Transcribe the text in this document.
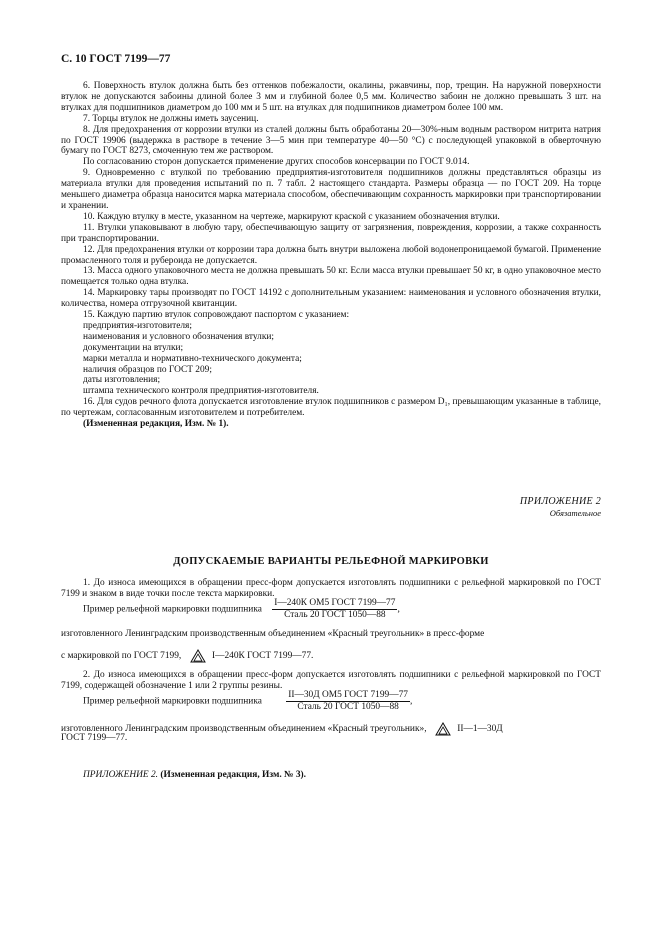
С. 10 ГОСТ 7199—77

6. Поверхность втулок должна быть без оттенков побежалости, окалины, ржавчины, пор, трещин. На наружной поверхности втулок не допускаются забоины длиной более 3 мм и глубиной более 0,5 мм. Количество забоин не должно превышать 3 шт. на втулках для подшипников диаметром до 100 мм и 5 шт. на втулках для подшипников диаметром более 100 мм.

7. Торцы втулок не должны иметь заусениц.

8. Для предохранения от коррозии втулки из сталей должны быть обработаны 20—30%-ным водным раствором нитрита натрия по ГОСТ 19906 (выдержка в растворе в течение 3—5 мин при температуре 40—50 °С) с последующей упаковкой в обверточную бумагу по ГОСТ 8273, смоченную тем же раствором.

По согласованию сторон допускается применение других способов консервации по ГОСТ 9.014.

9. Одновременно с втулкой по требованию предприятия-изготовителя подшипников должны представляться образцы из материала втулки для проведения испытаний по п. 7 табл. 2 настоящего стандарта. Размеры образца — по ГОСТ 209. На торце меньшего диаметра образца наносится марка материала способом, обеспечивающим сохранность маркировки при транспортировании и хранении.

10. Каждую втулку в месте, указанном на чертеже, маркируют краской с указанием обозначения втулки.

11. Втулки упаковывают в любую тару, обеспечивающую защиту от загрязнения, повреждения, коррозии, а также сохранность при транспортировании.

12. Для предохранения втулки от коррозии тара должна быть внутри выложена любой водонепроницаемой бумагой. Применение промасленного толя и рубероида не допускается.

13. Масса одного упаковочного места не должна превышать 50 кг. Если масса втулки превышает 50 кг, в одно упаковочное место помещается только одна втулка.

14. Маркировку тары производят по ГОСТ 14192 с дополнительным указанием: наименования и условного обозначения втулки, количества, номера отгрузочной квитанции.

15. Каждую партию втулок сопровождают паспортом с указанием:

предприятия-изготовителя;

наименования и условного обозначения втулки;

документации на втулки;

марки металла и нормативно-технического документа;

наличия образцов по ГОСТ 209;

даты изготовления;

штампа технического контроля предприятия-изготовителя.

16. Для судов речного флота допускается изготовление втулок подшипников с размером D₁, превышающим указанные в таблице, по чертежам, согласованным изготовителем и потребителем.

(Измененная редакция, Изм. № 1).

ПРИЛОЖЕНИЕ 2
Обязательное
ДОПУСКАЕМЫЕ ВАРИАНТЫ РЕЛЬЕФНОЙ МАРКИРОВКИ

1. До износа имеющихся в обращении пресс-форм допускается изготовлять подшипники с рельефной маркировкой по ГОСТ 7199 и знаком в виде точки после текста маркировки.

Пример рельефной маркировки подшипника $\frac{\text{I—240К ОМ5 ГОСТ 7199—77}}{\text{Сталь 20 ГОСТ 1050—88}}$ ,
изготовленного Ленинградским производственным объединением «Красный треугольник» в пресс-форме
с маркировкой по ГОСТ 7199,	I—240К ГОСТ 7199—77.

2. До износа имеющихся в обращении пресс-форм допускается изготовлять подшипники с рельефной маркировкой по ГОСТ 7199, содержащей обозначение 1 или 2 группы резины.

Пример рельефной маркировки подшипника	$\frac{\text{II—30Д ОМ5 ГОСТ 7199—77}}{\text{Сталь 20 ГОСТ 1050—88}}$ ,
изготовленного Ленинградским производственным объединением «Красный треугольник»,	II—1—30Д
ГОСТ 7199—77.
ПРИЛОЖЕНИЕ 2. (Измененная редакция, Изм. № 3).
